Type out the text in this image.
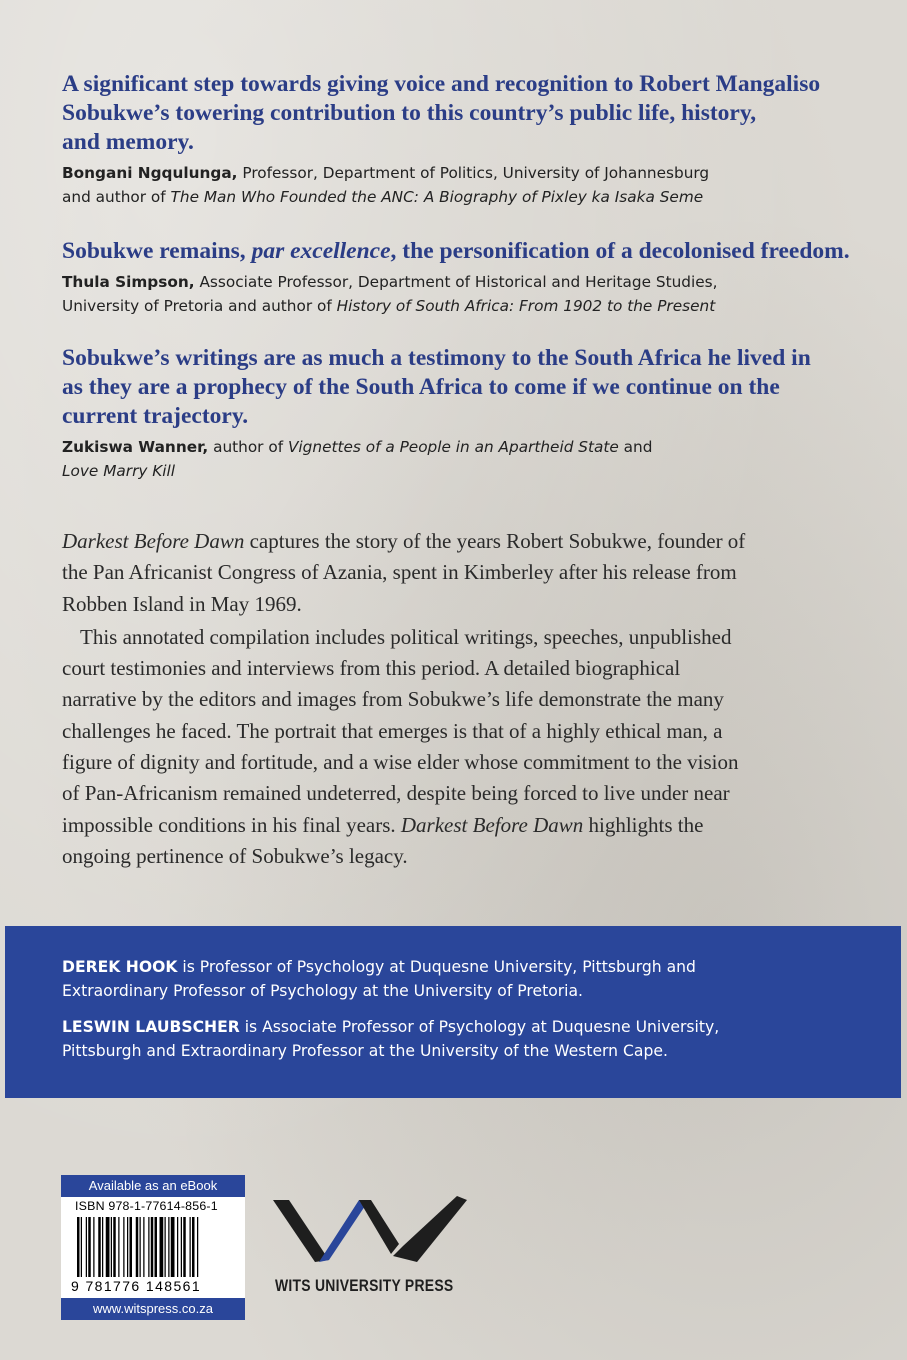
A significant step towards giving voice and recognition to Robert Mangaliso
Sobukwe’s towering contribution to this country’s public life, history,
and memory.

Bongani Ngqulunga, Professor, Department of Politics, University of Johannesburg
and author of The Man Who Founded the ANC: A Biography of Pixley ka Isaka Seme

Sobukwe remains, par excellence, the personification of a decolonised freedom.

Thula Simpson, Associate Professor, Department of Historical and Heritage Studies,
University of Pretoria and author of History of South Africa: From 1902 to the Present

Sobukwe’s writings are as much a testimony to the South Africa he lived in
as they are a prophecy of the South Africa to come if we continue on the
current trajectory.

Zukiswa Wanner, author of Vignettes of a People in an Apartheid State and
Love Marry Kill

Darkest Before Dawn captures the story of the years Robert Sobukwe, founder of
the Pan Africanist Congress of Azania, spent in Kimberley after his release from
Robben Island in May 1969.

This annotated compilation includes political writings, speeches, unpublished
court testimonies and interviews from this period. A detailed biographical
narrative by the editors and images from Sobukwe’s life demonstrate the many
challenges he faced. The portrait that emerges is that of a highly ethical man, a
figure of dignity and fortitude, and a wise elder whose commitment to the vision
of Pan-Africanism remained undeterred, despite being forced to live under near
impossible conditions in his final years. Darkest Before Dawn highlights the
ongoing pertinence of Sobukwe’s legacy.

DEREK HOOK is Professor of Psychology at Duquesne University, Pittsburgh and
Extraordinary Professor of Psychology at the University of Pretoria.

LESWIN LAUBSCHER is Associate Professor of Psychology at Duquesne University,
Pittsburgh and Extraordinary Professor at the University of the Western Cape.

Available as an eBook
ISBN 978-1-77614-856-1
9 781776 148561
www.witspress.co.za
WITS UNIVERSITY PRESS
